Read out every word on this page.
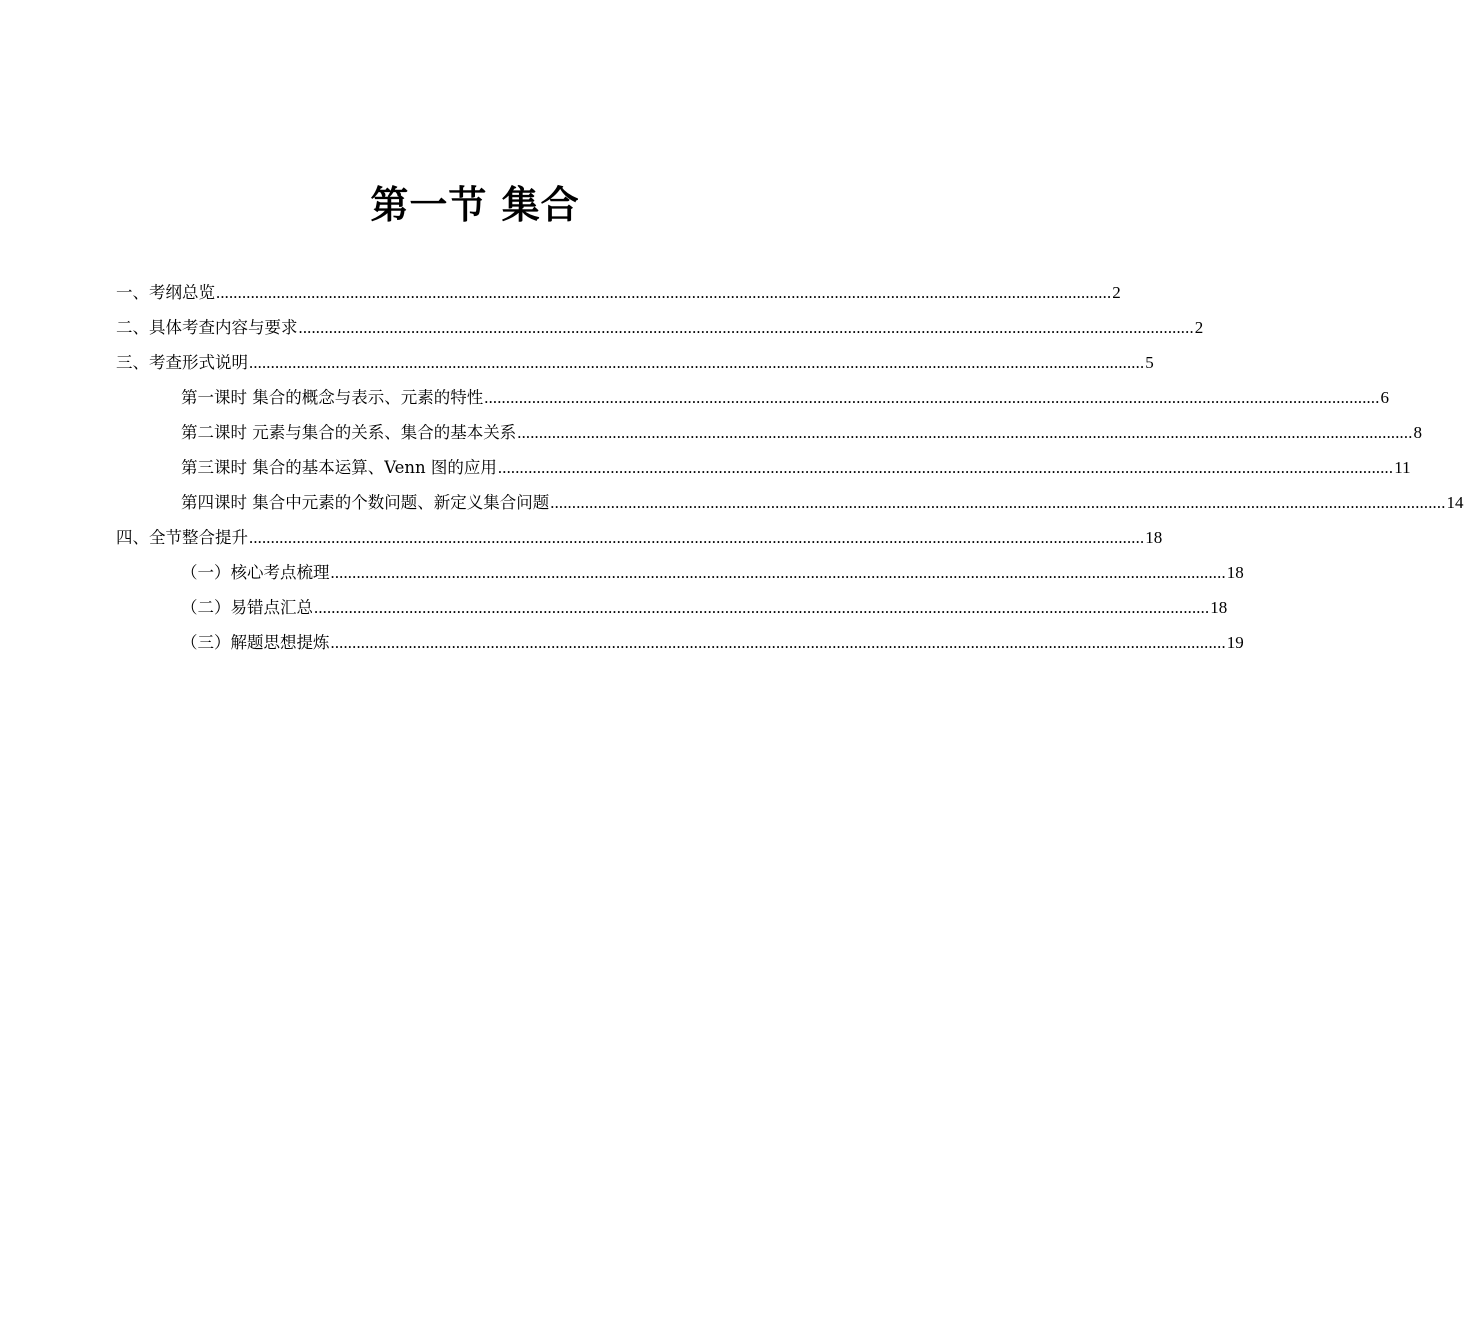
第一节 集合
一、考纲总览 ............................................................................................................................................................................................................... 2
二、具体考查内容与要求 ............................................................................................................................................................................................................... 2
三、考查形式说明 ............................................................................................................................................................................................................... 5
第一课时 集合的概念与表示、元素的特性 ............................................................................................................................................................................................................... 6
第二课时 元素与集合的关系、集合的基本关系 ............................................................................................................................................................................................................... 8
第三课时 集合的基本运算、Venn 图的应用 ............................................................................................................................................................................................................... 11
第四课时 集合中元素的个数问题、新定义集合问题 ............................................................................................................................................................................................................... 14
四、全节整合提升 ............................................................................................................................................................................................................... 18
（一）核心考点梳理 ............................................................................................................................................................................................................... 18
（二）易错点汇总 ............................................................................................................................................................................................................... 18
（三）解题思想提炼 ............................................................................................................................................................................................................... 19
